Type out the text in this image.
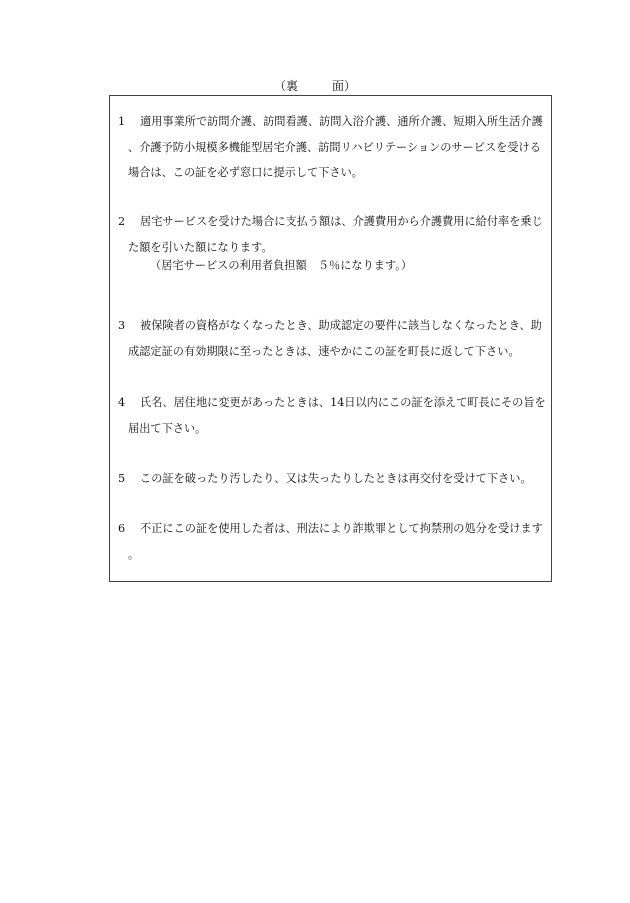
（裏	面）
1	適用事業所で訪問介護、訪問看護、訪問入浴介護、通所介護、短期入所生活介護、介護予防小規模多機能型居宅介護、訪問リハビリテーションのサービスを受ける場合は、この証を必ず窓口に提示して下さい。
2	居宅サービスを受けた場合に支払う額は、介護費用から介護費用に給付率を乗じた額を引いた額になります。
（居宅サービスの利用者負担額　５％になります。）
3	被保険者の資格がなくなったとき、助成認定の要件に該当しなくなったとき、助成認定証の有効期限に至ったときは、速やかにこの証を町長に返して下さい。
4	氏名、居住地に変更があったときは、14日以内にこの証を添えて町長にその旨を届出て下さい。
5	この証を破ったり汚したり、又は失ったりしたときは再交付を受けて下さい。
6	不正にこの証を使用した者は、刑法により詐欺罪として拘禁刑の処分を受けます。
